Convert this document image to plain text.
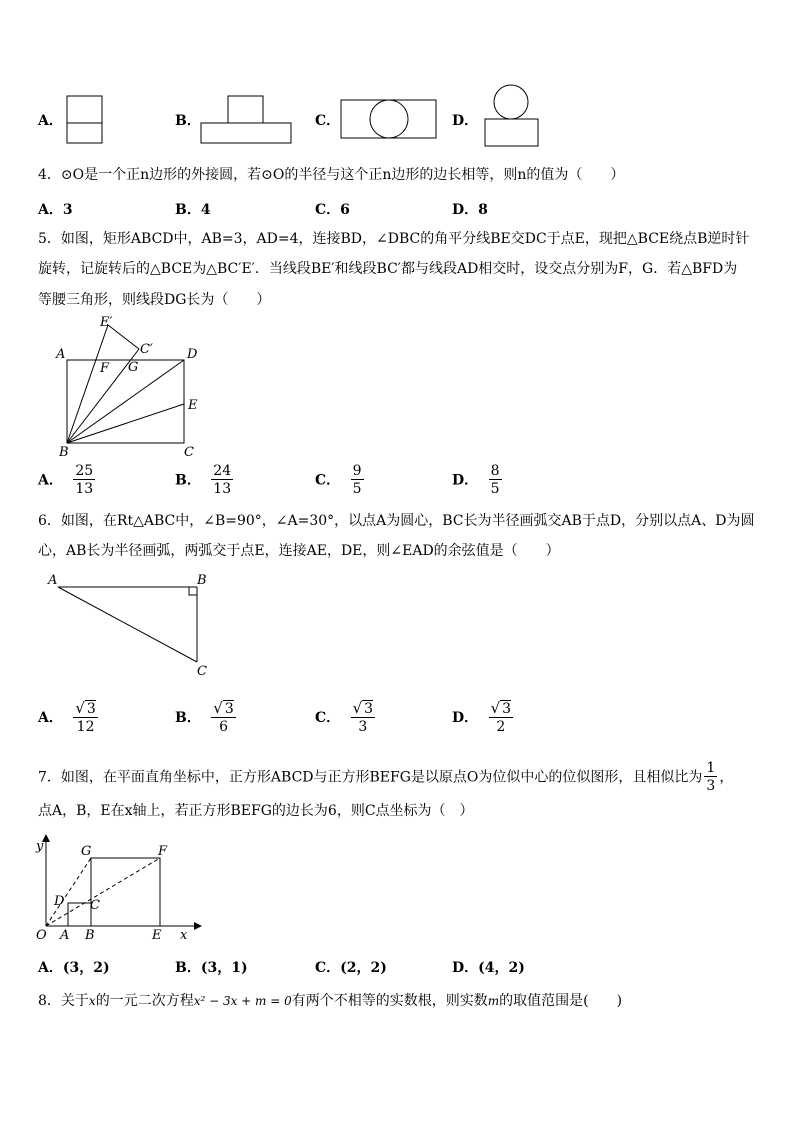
A．	B．	C．	D．
4．⊙O是一个正n边形的外接圆，若⊙O的半径与这个正n边形的边长相等，则n的值为（　　）
A．3	B．4	C．6	D．8
5．如图，矩形ABCD中，AB=3，AD=4，连接BD，∠DBC的角平分线BE交DC于点E，现把△BCE绕点B逆时针
旋转，记旋转后的△BCE为△BC′E′．当线段BE′和线段BC′都与线段AD相交时，设交点分别为F，G．若△BFD为
等腰三角形，则线段DG长为（　　）
E′
C′
A	D
F G
E
B	C
A． $\frac{25}{13}$	B． $\frac{24}{13}$	C． $\frac{9}{5}$	D． $\frac{8}{5}$
6．如图，在Rt△ABC中，∠B=90°，∠A=30°，以点A为圆心，BC长为半径画弧交AB于点D，分别以点A、D为圆
心，AB长为半径画弧，两弧交于点E，连接AE，DE，则∠EAD的余弦值是（　　）
A	B
C
A． $\frac{√ 3}{12}$	B． $\frac{√ 3}{6}$	C． $\frac{√ 3}{3}$	D． $\frac{√ 3}{2}$
7．如图，在平面直角坐标中，正方形ABCD与正方形BEFG是以原点O为位似中心的位似图形，且相似比为 $\frac{1}{3}$ ，
点A，B，E在x轴上，若正方形BEFG的边长为6，则C点坐标为（　）
y	G	F
D C
O A B	E x
A．(3，2)	B．(3，1)	C．(2，2)	D．(4，2)
8．关于x的一元二次方程x² − 3x + m = 0有两个不相等的实数根，则实数m的取值范围是(　　)
